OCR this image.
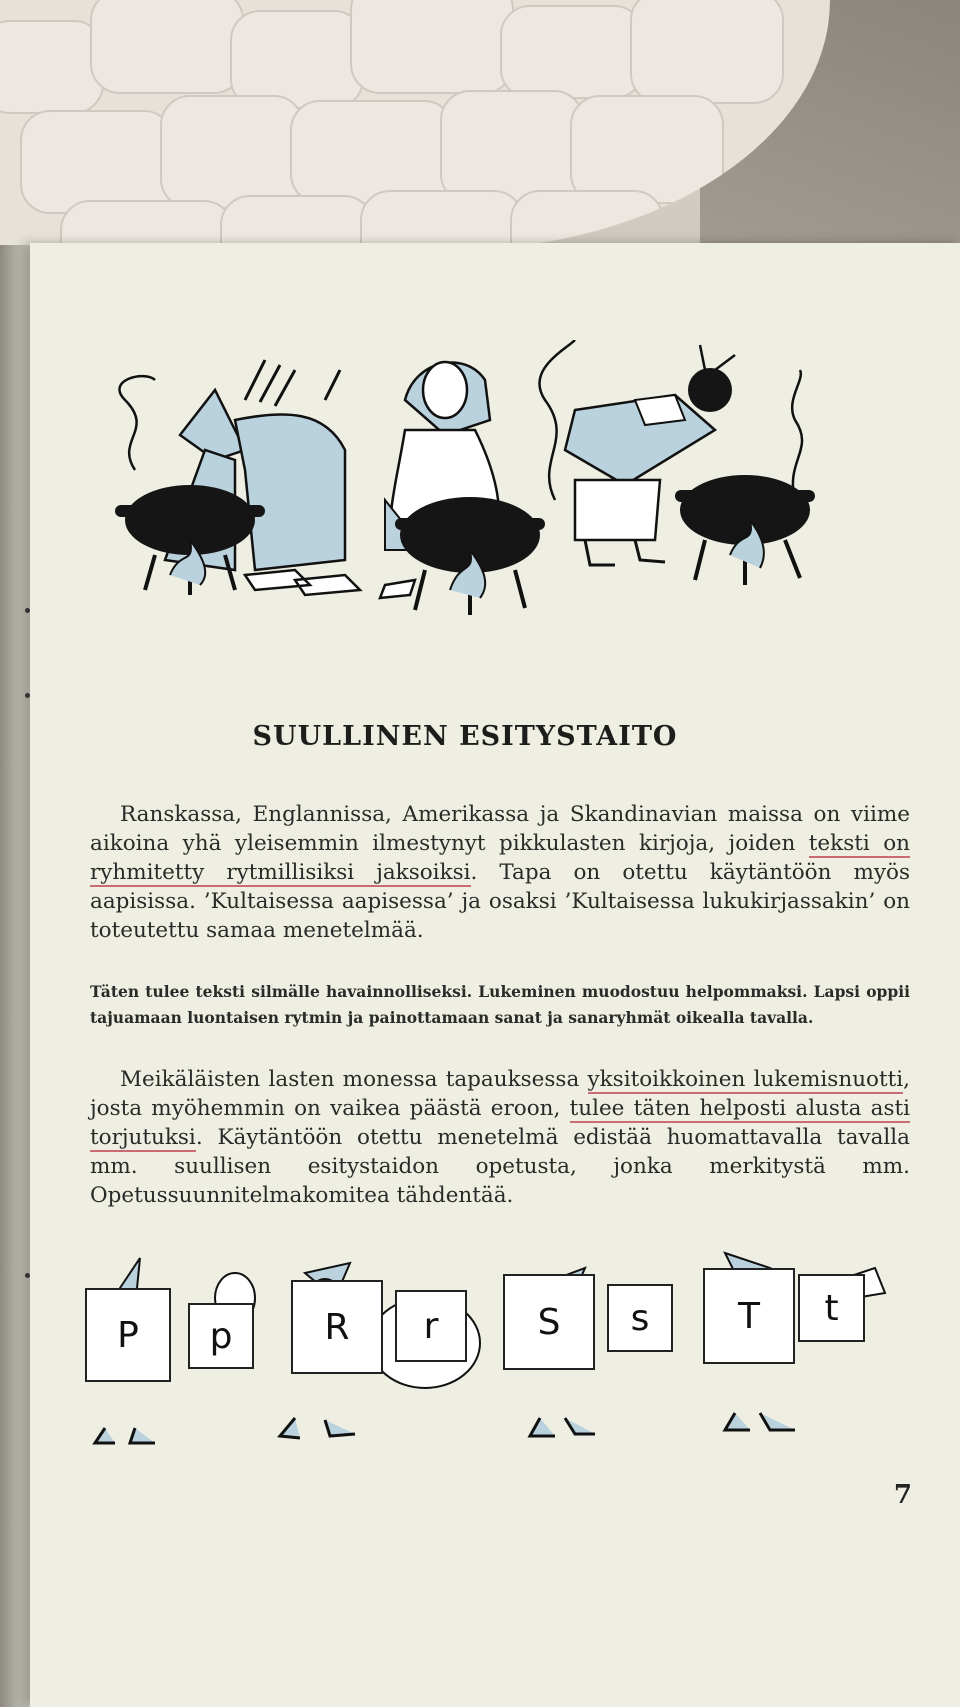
SUULLINEN ESITYSTAITO
Ranskassa, Englannissa, Amerikassa ja Skandinavian maissa on viime aikoina yhä yleisemmin ilmestynyt pikkulasten kirjoja, joiden teksti on ryhmitetty rytmillisiksi jaksoiksi. Tapa on otettu käytäntöön myös aapisissa. ’Kultaisessa aapisessa’ ja osaksi ’Kultaisessa lukukirjassakin’ on toteutettu samaa menetelmää.
Täten tulee teksti silmälle havainnolliseksi. Lukeminen muodostuu helpommaksi. Lapsi oppii tajuamaan luontaisen rytmin ja painottamaan sanat ja sanaryhmät oikealla tavalla.
Meikäläisten lasten monessa tapauksessa yksitoikkoinen lukemisnuotti, josta myöhemmin on vaikea päästä eroon, tulee täten helposti alusta asti torjutuksi. Käytäntöön otettu menetelmä edistää huomattavalla tavalla mm. suullisen esitystaidon opetusta, jonka merkitystä mm. Opetussuunnitelmakomitea tähdentää.
P	p	R	r	S	s	T	t
7
